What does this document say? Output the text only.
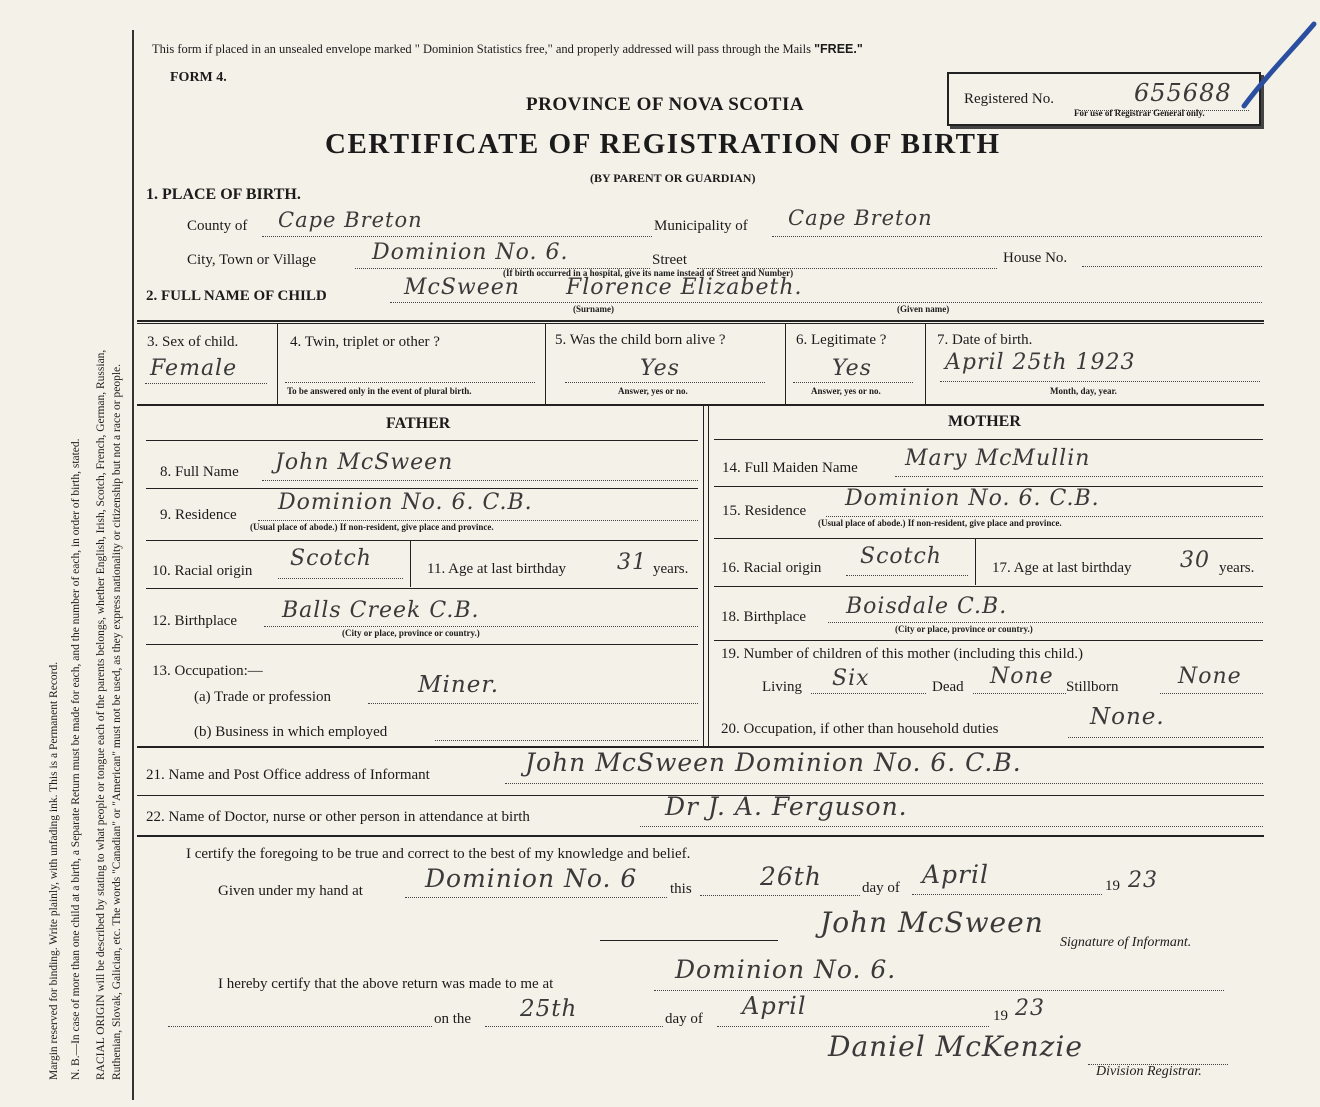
Margin reserved for binding. Write plainly, with unfading ink. This is a Permanent Record. N. B.—In case of more than one child at a birth, a Separate Return must be made for each, and the number of each, in order of birth, stated. RACIAL ORIGIN will be described by stating to what people or tongue each of the parents belongs, whether English, Irish, Scotch, French, German, Russian, Ruthenian, Slovak, Galician, etc. The words "Canadian" or "American" must not be used, as they express nationality or citizenship but not a race or people.
This form if placed in an unsealed envelope marked " Dominion Statistics free," and properly addressed will pass through the Mails "FREE."
FORM 4.
PROVINCE OF NOVA SCOTIA
CERTIFICATE OF REGISTRATION OF BIRTH
(BY PARENT OR GUARDIAN)
Registered No.	655688
For use of Registrar General only.
1. PLACE OF BIRTH.
County of Cape Breton	Municipality of Cape Breton
City, Town or Village	Dominion No. 6.	Street	House No.
(If birth occurred in a hospital, give its name instead of Street and Number)
2. FULL NAME OF CHILD	McSween Florence Elizabeth.
(Surname)	(Given name)
3. Sex of child.
Female
4. Twin, triplet or other ?
To be answered only in the event of plural birth.
5. Was the child born alive ?
Yes
Answer, yes or no.
6. Legitimate ?
Yes
Answer, yes or no.
7. Date of birth.
April 25th 1923
Month, day, year.
FATHER
8. Full Name John McSween
9. Residence Dominion No. 6. C.B.
(Usual place of abode.) If non-resident, give place and province.
10. Racial origin Scotch	11. Age at last birthday 31 years.
12. Birthplace Balls Creek C.B.
(City or place, province or country.)
13. Occupation:—
(a) Trade or profession	Miner.
(b) Business in which employed
MOTHER
14. Full Maiden Name Mary McMullin
15. Residence Dominion No. 6. C.B.
(Usual place of abode.) If non-resident, give place and province.
16. Racial origin Scotch	17. Age at last birthday 30 years.
18. Birthplace Boisdale C.B.
(City or place, province or country.)
19. Number of children of this mother (including this child.)
Living Six	Dead None Stillborn	None
20. Occupation, if other than household duties	None.
21. Name and Post Office address of Informant	John McSween Dominion No. 6. C.B.
22. Name of Doctor, nurse or other person in attendance at birth	Dr J. A. Ferguson.
I certify the foregoing to be true and correct to the best of my knowledge and belief.
Given under my hand at Dominion No. 6 this	26th	day of April	19 23
John McSween
Signature of Informant.
I hereby certify that the above return was made to me at	Dominion No. 6.
on the 25th	day of April	19 23
Daniel McKenzie
Division Registrar.
